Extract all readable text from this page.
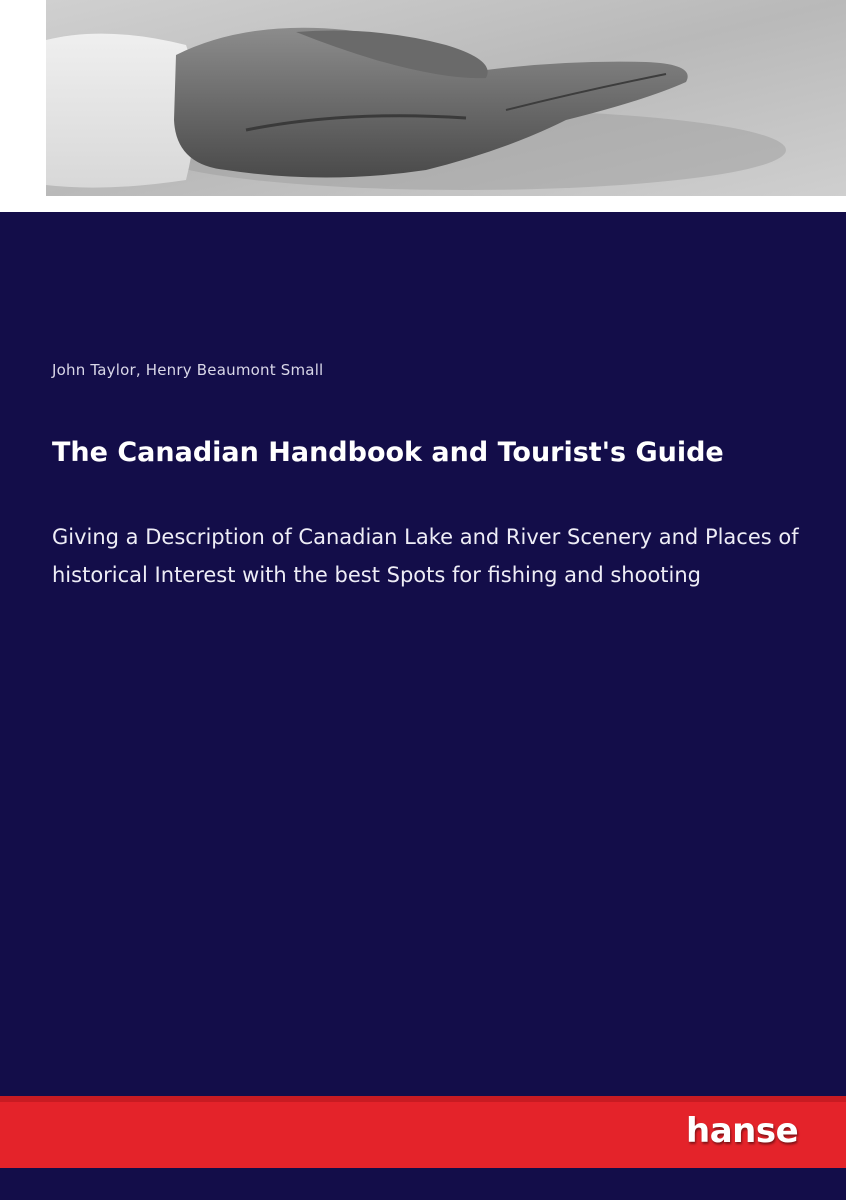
John Taylor, Henry Beaumont Small
The Canadian Handbook and Tourist's Guide
Giving a Description of Canadian Lake and River Scenery and Places of historical Interest with the best Spots for fishing and shooting
hanse
